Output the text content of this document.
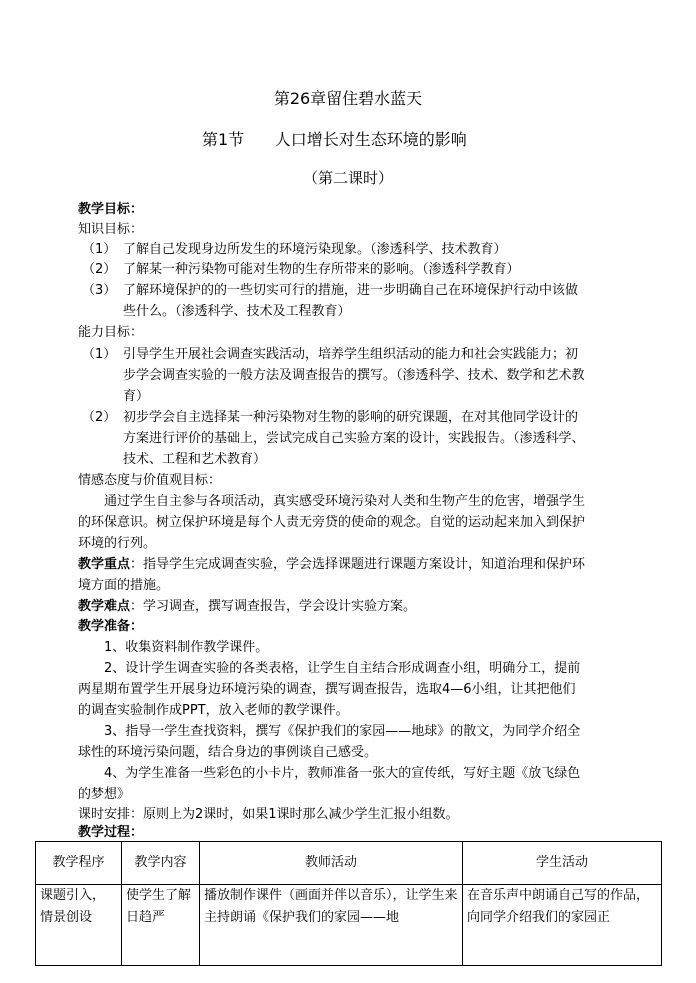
第26章留住碧水蓝天
第1节      人口增长对生态环境的影响
（第二课时）
教学目标：
知识目标：
（1） 了解自己发现身边所发生的环境污染现象。（渗透科学、技术教育）
（2） 了解某一种污染物可能对生物的生存所带来的影响。（渗透科学教育）
（3） 了解环境保护的的一些切实可行的措施，进一步明确自己在环境保护行动中该做
些什么。（渗透科学、技术及工程教育）
能力目标：
（1） 引导学生开展社会调查实践活动，培养学生组织活动的能力和社会实践能力；初
步学会调查实验的一般方法及调查报告的撰写。（渗透科学、技术、数学和艺术教
育）
（2） 初步学会自主选择某一种污染物对生物的影响的研究课题，在对其他同学设计的
方案进行评价的基础上，尝试完成自己实验方案的设计，实践报告。（渗透科学、
技术、工程和艺术教育）
情感态度与价值观目标：
通过学生自主参与各项活动，真实感受环境污染对人类和生物产生的危害，增强学生
的环保意识。树立保护环境是每个人责无旁贷的使命的观念。自觉的运动起来加入到保护
环境的行列。
教学重点：指导学生完成调查实验，学会选择课题进行课题方案设计，知道治理和保护环
境方面的措施。
教学难点：学习调查，撰写调查报告，学会设计实验方案。
教学准备：
1、收集资料制作教学课件。
2、设计学生调查实验的各类表格，让学生自主结合形成调查小组，明确分工，提前
两星期布置学生开展身边环境污染的调查，撰写调查报告，选取4—6小组，让其把他们
的调查实验制作成PPT，放入老师的教学课件。
3、指导一学生查找资料，撰写《保护我们的家园——地球》的散文，为同学介绍全
球性的环境污染问题，结合身边的事例谈自己感受。
4、为学生准备一些彩色的小卡片，教师准备一张大的宣传纸，写好主题《放飞绿色
的梦想》
课时安排：原则上为2课时，如果1课时那么减少学生汇报小组数。
教学过程：
教学程序	教学内容	教师活动	学生活动
课题引入，情景创设	使学生了解日趋严	播放制作课件（画面并伴以音乐），让学生来主持朗诵《保护我们的家园——地	在音乐声中朗诵自己写的作品，向同学介绍我们的家园正
